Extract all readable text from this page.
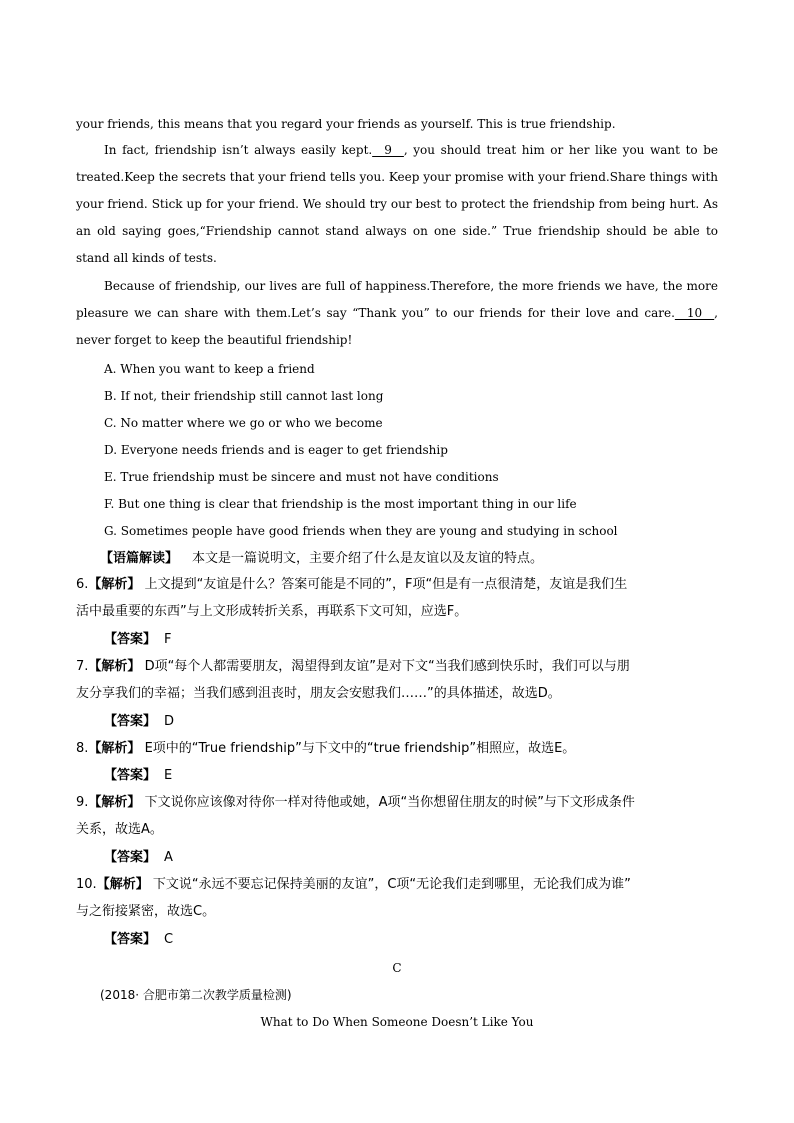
your friends, this means that you regard your friends as yourself. This is true friendship.
In fact, friendship isn’t always easily kept.__9__, you should treat him or her like you want to be treated.Keep the secrets that your friend tells you. Keep your promise with your friend.Share things with your friend. Stick up for your friend. We should try our best to protect the friendship from being hurt. As an old saying goes,“Friendship cannot stand always on one side.” True friendship should be able to stand all kinds of tests.
Because of friendship, our lives are full of happiness.Therefore, the more friends we have, the more pleasure we can share with them.Let’s say “Thank you” to our friends for their love and care.__10__, never forget to keep the beautiful friendship!
A. When you want to keep a friend
B. If not, their friendship still cannot last long
C. No matter where we go or who we become
D. Everyone needs friends and is eager to get friendship
E. True friendship must be sincere and must not have conditions
F. But one thing is clear that friendship is the most important thing in our life
G. Sometimes people have good friends when they are young and studying in school
【语篇解读】 本文是一篇说明文，主要介绍了什么是友谊以及友谊的特点。
6.【解析】 上文提到“友谊是什么？答案可能是不同的”，F项“但是有一点很清楚，友谊是我们生
活中最重要的东西”与上文形成转折关系，再联系下文可知，应选F。
【答案】 F
7.【解析】 D项“每个人都需要朋友，渴望得到友谊”是对下文“当我们感到快乐时，我们可以与朋
友分享我们的幸福；当我们感到沮丧时，朋友会安慰我们……”的具体描述，故选D。
【答案】 D
8.【解析】 E项中的“True friendship”与下文中的“true friendship”相照应，故选E。
【答案】 E
9.【解析】 下文说你应该像对待你一样对待他或她，A项“当你想留住朋友的时候”与下文形成条件
关系，故选A。
【答案】 A
10.【解析】 下文说“永远不要忘记保持美丽的友谊”，C项“无论我们走到哪里，无论我们成为谁”
与之衔接紧密，故选C。
【答案】 C
C
(2018· 合肥市第二次教学质量检测)
What to Do When Someone Doesn’t Like You
